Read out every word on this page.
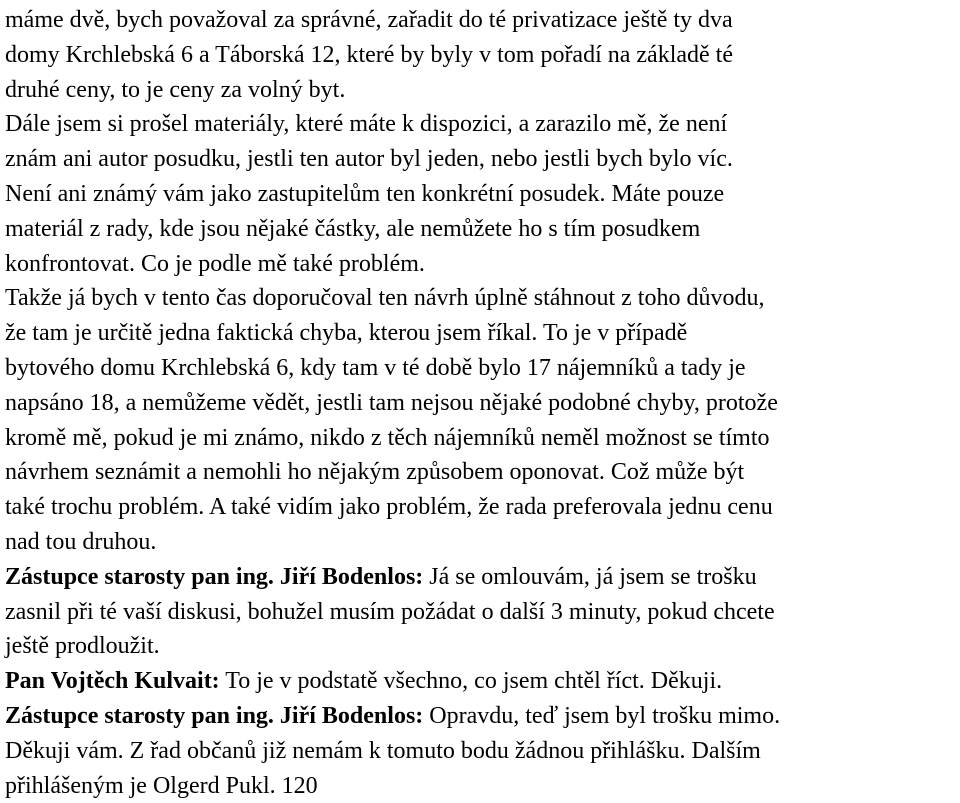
máme dvě, bych považoval za správné, zařadit do té privatizace ještě ty dva
domy Krchlebská 6 a Táborská 12, které by byly v tom pořadí na základě té
druhé ceny, to je ceny za volný byt.
Dále jsem si prošel materiály, které máte k dispozici, a zarazilo mě, že není
znám ani autor posudku, jestli ten autor byl jeden, nebo jestli bych bylo víc.
Není ani známý vám jako zastupitelům ten konkrétní posudek. Máte pouze
materiál z rady, kde jsou nějaké částky, ale nemůžete ho s tím posudkem
konfrontovat. Co je podle mě také problém.
Takže já bych v tento čas doporučoval ten návrh úplně stáhnout z toho důvodu,
že tam je určitě jedna faktická chyba, kterou jsem říkal. To je v případě
bytového domu Krchlebská 6, kdy tam v té době bylo 17 nájemníků a tady je
napsáno 18, a nemůžeme vědět, jestli tam nejsou nějaké podobné chyby, protože
kromě mě, pokud je mi známo, nikdo z těch nájemníků neměl možnost se tímto
návrhem seznámit a nemohli ho nějakým způsobem oponovat. Což může být
také trochu problém. A také vidím jako problém, že rada preferovala jednu cenu
nad tou druhou.
Zástupce starosty pan ing. Jiří Bodenlos: Já se omlouvám, já jsem se trošku
zasnil při té vaší diskusi, bohužel musím požádat o další 3 minuty, pokud chcete
ještě prodloužit.
Pan Vojtěch Kulvait: To je v podstatě všechno, co jsem chtěl říct. Děkuji.
Zástupce starosty pan ing. Jiří Bodenlos: Opravdu, teď jsem byl trošku mimo.
Děkuji vám. Z řad občanů již nemám k tomuto bodu žádnou přihlášku. Dalším
přihlášeným je Olgerd Pukl. 120
